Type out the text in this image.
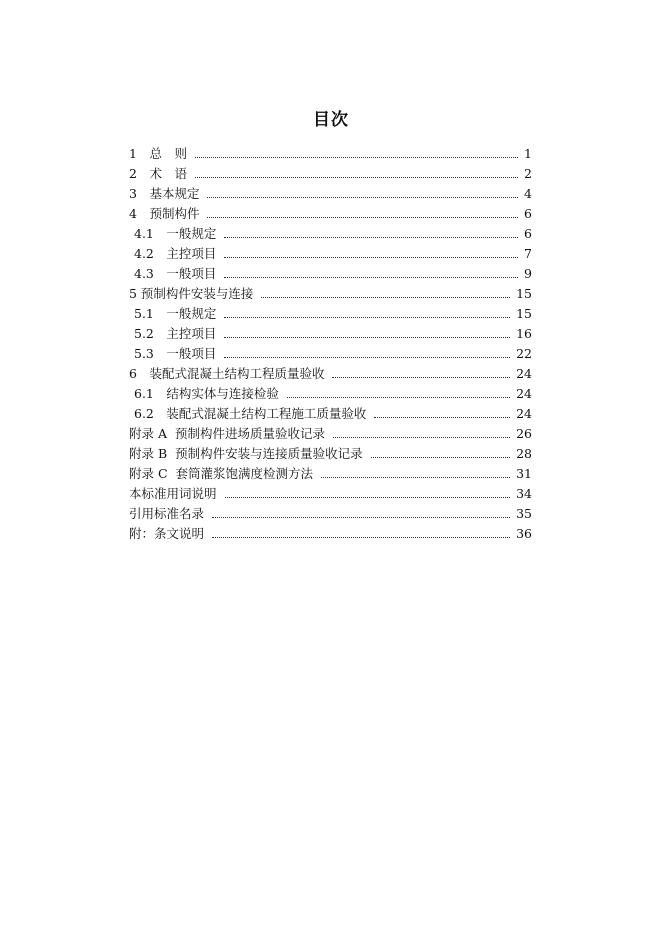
目次
1　总　则	1
2　术　语	2
3　基本规定	4
4　预制构件	6
4.1　一般规定	6
4.2　主控项目	7
4.3　一般项目	9
5 预制构件安装与连接	15
5.1　一般规定	15
5.2　主控项目	16
5.3　一般项目	22
6　装配式混凝土结构工程质量验收	24
6.1　结构实体与连接检验	24
6.2　装配式混凝土结构工程施工质量验收	24
附录 A  预制构件进场质量验收记录	26
附录 B  预制构件安装与连接质量验收记录	28
附录 C  套筒灌浆饱满度检测方法	31
本标准用词说明	34
引用标准名录	35
附：条文说明	36
